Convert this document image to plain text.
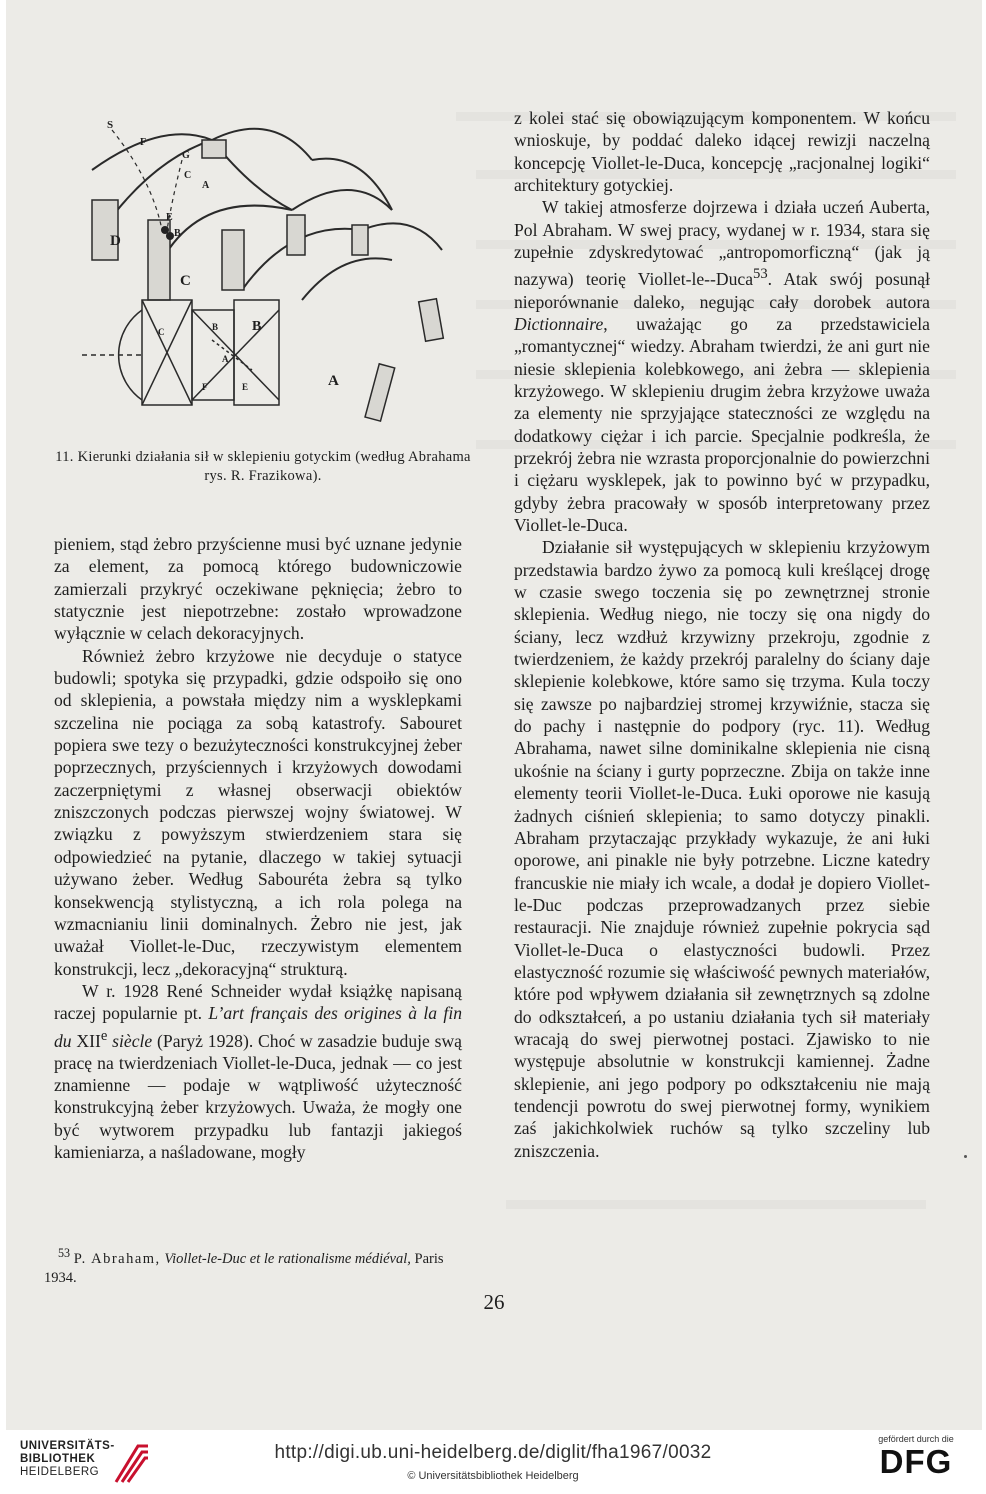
S
F
G
C
A
E
B
D
C
B
A
C	B
A
F	E
11. Kierunki działania sił w sklepieniu gotyckim (według Abrahama rys. R. Frazikowa).

pieniem, stąd żebro przyścienne musi być uznane jedynie za element, za pomocą którego budowniczowie zamierzali przykryć oczekiwane pęknięcia; żebro to statycznie jest niepotrzebne: zostało wprowadzone wyłącznie w celach dekoracyjnych.

Również żebro krzyżowe nie decyduje o statyce budowli; spotyka się przypadki, gdzie odspoiło się ono od sklepienia, a powstała między nim a wysklepkami szczelina nie pociąga za sobą katastrofy. Sabouret popiera swe tezy o bezużyteczności konstrukcyjnej żeber poprzecznych, przyściennych i krzyżowych dowodami zaczerpniętymi z własnej obserwacji obiektów zniszczonych podczas pierwszej wojny światowej. W związku z powyższym stwierdzeniem stara się odpowiedzieć na pytanie, dlaczego w takiej sytuacji używano żeber. Według Sabouréta żebra są tylko konsekwencją stylistyczną, a ich rola polega na wzmacnianiu linii dominalnych. Żebro nie jest, jak uważał Viollet-le-Duc, rzeczywistym elementem konstrukcji, lecz „dekoracyjną“ strukturą.

W r. 1928 René Schneider wydał książkę napisaną raczej popularnie pt. L’art français des origines à la fin du XIIe siècle (Paryż 1928). Choć w zasadzie buduje swą pracę na twierdzeniach Viollet-le-Duca, jednak — co jest znamienne — podaje w wątpliwość użyteczność konstrukcyjną żeber krzyżowych. Uważa, że mogły one być wytworem przypadku lub fantazji jakiegoś kamieniarza, a naśladowane, mogły

$^{53}$ P. Abraham, Viollet-le-Duc et le rationalisme médiéval, Paris 1934.

z kolei stać się obowiązującym komponentem. W końcu wnioskuje, by poddać daleko idącej rewizji naczelną koncepcję Viollet-le-Duca, koncepcję „racjonalnej logiki“ architektury gotyckiej.

W takiej atmosferze dojrzewa i działa uczeń Auberta, Pol Abraham. W swej pracy, wydanej w r. 1934, stara się zupełnie zdyskredytować „antropomorficzną“ (jak ją nazywa) teorię Viollet-le--Duca$^{53}$. Atak swój posunął nieporównanie daleko, negując cały dorobek autora Dictionnaire, uważając go za przedstawiciela „romantycznej“ wiedzy. Abraham twierdzi, że ani gurt nie niesie sklepienia kolebkowego, ani żebra — sklepienia krzyżowego. W sklepieniu drugim żebra krzyżowe uważa za elementy nie sprzyjające stateczności ze względu na dodatkowy ciężar i ich parcie. Specjalnie podkreśla, że przekrój żebra nie wzrasta proporcjonalnie do powierzchni i ciężaru wysklepek, jak to powinno być w przypadku, gdyby żebra pracowały w sposób interpretowany przez Viollet-le-Duca.

Działanie sił występujących w sklepieniu krzyżowym przedstawia bardzo żywo za pomocą kuli kreślącej drogę w czasie swego toczenia się po zewnętrznej stronie sklepienia. Według niego, nie toczy się ona nigdy do ściany, lecz wzdłuż krzywizny przekroju, zgodnie z twierdzeniem, że każdy przekrój paralelny do ściany daje sklepienie kolebkowe, które samo się trzyma. Kula toczy się zawsze po najbardziej stromej krzywiźnie, stacza się do pachy i następnie do podpory (ryc. 11). Według Abrahama, nawet silne dominikalne sklepienia nie cisną ukośnie na ściany i gurty poprzeczne. Zbija on także inne elementy teorii Viollet-le-Duca. Łuki oporowe nie kasują żadnych ciśnień sklepienia; to samo dotyczy pinakli. Abraham przytaczając przykłady wykazuje, że ani łuki oporowe, ani pinakle nie były potrzebne. Liczne katedry francuskie nie miały ich wcale, a dodał je dopiero Viollet-le-Duc podczas przeprowadzanych przez siebie restauracji. Nie znajduje również zupełnie pokrycia sąd Viollet-le-Duca o elastyczności budowli. Przez elastyczność rozumie się właściwość pewnych materiałów, które pod wpływem działania sił zewnętrznych są zdolne do odkształceń, a po ustaniu działania tych sił materiały wracają do swej pierwotnej postaci. Zjawisko to nie występuje absolutnie w konstrukcji kamiennej. Żadne sklepienie, ani jego podpory po odkształceniu nie mają tendencji powrotu do swej pierwotnej formy, wynikiem zaś jakichkolwiek ruchów są tylko szczeliny lub zniszczenia.

26
UNIVERSITÄTS-
BIBLIOTHEK
HEIDELBERG
http://digi.ub.uni-heidelberg.de/diglit/fha1967/0032
© Universitätsbibliothek Heidelberg
gefördert durch die
DFG
